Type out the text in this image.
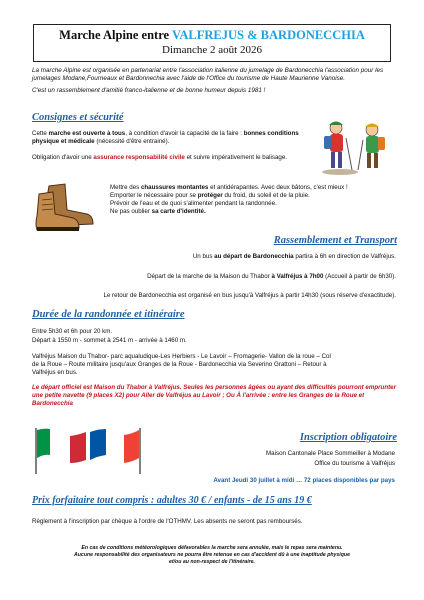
Marche Alpine entre VALFREJUS & BARDONECCHIA
Dimanche 2 août 2026

La marche Alpine est organisée en partenariat entre l'association italienne du jumelage de Bardonecchia l'association pour les jumelages Modane,Fourneaux et Bardonnechia avec l'aide de l'Office du tourisme de Haute Maurienne Vanoise.

C'est un rassemblement d'amitié franco-italienne et de bonne humeur depuis 1981 !

Consignes et sécurité
Cette marche est ouverte à tous, à condition d'avoir la capacité de la faire : bonnes conditions physique et médicale (nécessité d'être entrainé).
Obligation d'avoir une assurance responsabilité civile et suivre impérativement le balisage.
Mettre des chaussures montantes et antidérapantes. Avec deux bâtons, c'est mieux !
Emporter le nécessaire pour se protéger du froid, du soleil et de la pluie.
Prévoir de l'eau et de quoi s'alimenter pendant la randonnée.
Ne pas oublier sa carte d'identité.
Rassemblement et Transport
Un bus au départ de Bardonecchia partira à 6h en direction de Valfréjus.
Départ de la marche de la Maison du Thabor à Valfréjus à 7h00 (Accueil à partir de 6h30).
Le retour de Bardonecchia est organisé en bus jusqu'à Valfréjus à partir 14h30 (sous réserve d'exactitude).
Durée de la randonnée et itinéraire
Entre 5h30 et 6h pour 20 km.
Départ à 1550 m - sommet à 2541 m - arrivée à 1460 m.
Valfréjus Maison du Thabor- parc aqualudique-Les Herbiers - Le Lavoir – Fromagerie- Vallon de la roue – Col de la Roue – Route militaire jusqu'aux Granges de la Roue - Bardonecchia via Severino Grattoni – Retour à Valfréjus en bus.
Le départ officiel est Maison du Thabor à Valfréjus. Seules les personnes âgées ou ayant des difficultés pourront emprunter une petite navette (9 places X2) pour Aller de Valfréjus au Lavoir ; Ou À l'arrivée : entre les Granges de la Roue et Bardonecchia
Inscription obligatoire
Maison Cantonale Place Sommeiller à Modane
Office du tourisme à Valfréjus
Avant Jeudi 30 juillet à midi … 72 places disponibles par pays
Prix forfaitaire tout compris : adultes 30 € / enfants - de 15 ans 19 €
Règlement à l'inscription par chèque à l'ordre de l'OTHMV. Les absents ne seront pas remboursés.
En cas de conditions météorologiques défavorables la marche sera annulée, mais le repas sera maintenu.
Aucune responsabilité des organisateurs ne pourra être retenue en cas d'accident dû à une inaptitude physique
et/ou au non-respect de l'itinéraire.
